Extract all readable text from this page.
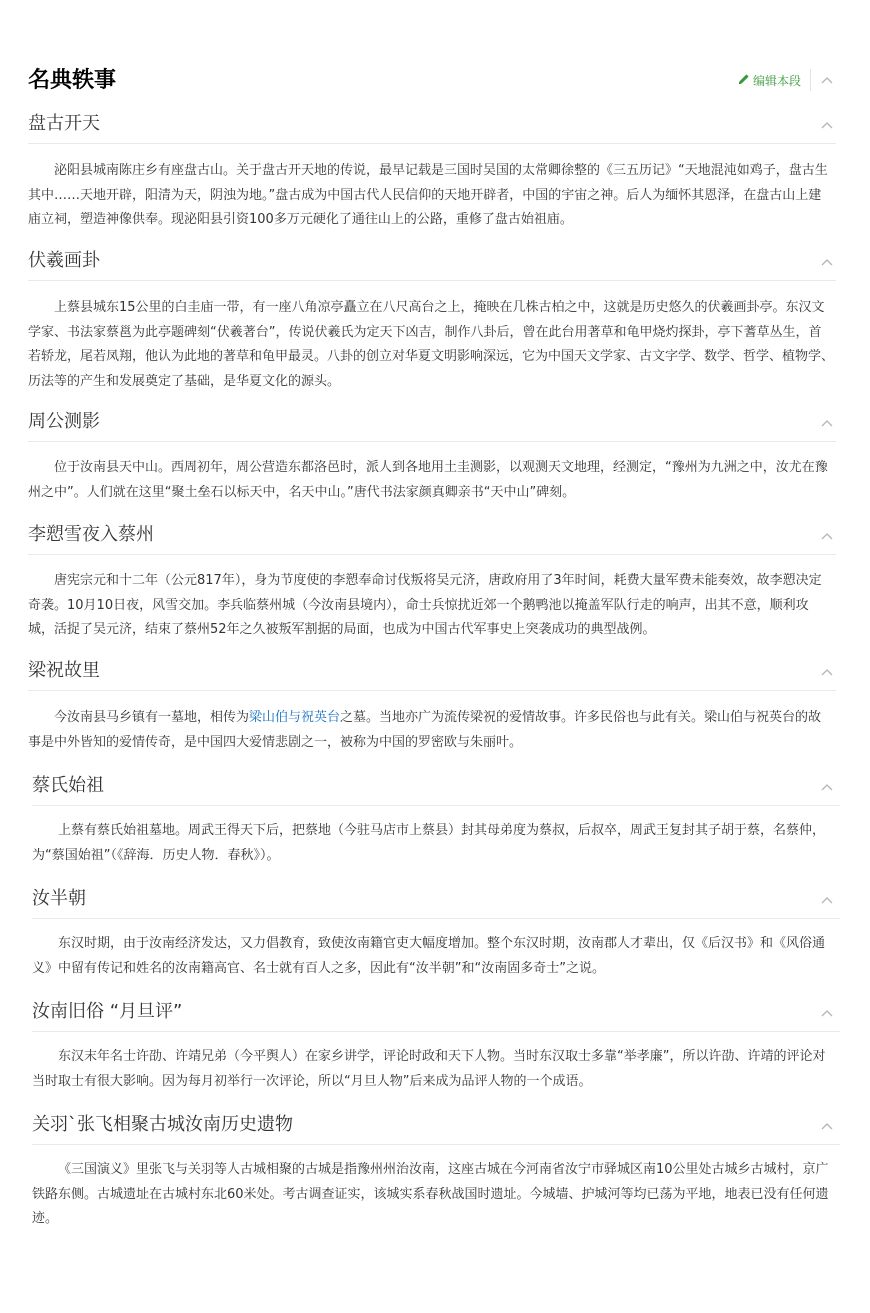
名典轶事	编辑本段
盘古开天

泌阳县城南陈庄乡有座盘古山。关于盘古开天地的传说，最早记载是三国时吴国的太常卿徐整的《三五历记》“天地混沌如鸡子，盘古生其中……天地开辟，阳清为天，阴浊为地。”盘古成为中国古代人民信仰的天地开辟者，中国的宇宙之神。后人为缅怀其恩泽，在盘古山上建庙立祠，塑造神像供奉。现泌阳县引资100多万元硬化了通往山上的公路，重修了盘古始祖庙。

伏羲画卦

上蔡县城东15公里的白圭庙一带，有一座八角凉亭矗立在八尺高台之上，掩映在几株古柏之中，这就是历史悠久的伏羲画卦亭。东汉文学家、书法家蔡邕为此亭题碑刻“伏羲著台”，传说伏羲氏为定天下凶吉，制作八卦后，曾在此台用著草和龟甲烧灼探卦，亭下蓍草丛生，首若轿龙，尾若凤翔，他认为此地的著草和龟甲最灵。八卦的创立对华夏文明影响深远，它为中国天文学家、古文字学、数学、哲学、植物学、历法等的产生和发展奠定了基础，是华夏文化的源头。

周公测影

位于汝南县天中山。西周初年，周公营造东都洛邑时，派人到各地用土圭测影，以观测天文地理，经测定，“豫州为九洲之中，汝尤在豫州之中”。人们就在这里“聚土垒石以标天中，名天中山。”唐代书法家颜真卿亲书“天中山”碑刻。

李愬雪夜入蔡州

唐宪宗元和十二年（公元817年），身为节度使的李愬奉命讨伐叛将吴元济，唐政府用了3年时间，耗费大量军费未能奏效，故李愬决定奇袭。10月10日夜，风雪交加。李兵临蔡州城（今汝南县境内），命士兵惊扰近郊一个鹅鸭池以掩盖军队行走的响声，出其不意，顺利攻城，活捉了吴元济，结束了蔡州52年之久被叛军割据的局面，也成为中国古代军事史上突袭成功的典型战例。

梁祝故里

今汝南县马乡镇有一墓地，相传为梁山伯与祝英台之墓。当地亦广为流传梁祝的爱情故事。许多民俗也与此有关。梁山伯与祝英台的故事是中外皆知的爱情传奇，是中国四大爱情悲剧之一，被称为中国的罗密欧与朱丽叶。

蔡氏始祖

上蔡有蔡氏始祖墓地。周武王得天下后，把蔡地（今驻马店市上蔡县）封其母弟度为蔡叔，后叔卒，周武王复封其子胡于蔡，名蔡仲，为“蔡国始祖”（《辞海．历史人物．春秋》）。

汝半朝

东汉时期，由于汝南经济发达，又力倡教育，致使汝南籍官吏大幅度增加。整个东汉时期，汝南郡人才辈出，仅《后汉书》和《风俗通义》中留有传记和姓名的汝南籍高官、名士就有百人之多，因此有“汝半朝”和“汝南固多奇士”之说。

汝南旧俗 “月旦评”

东汉末年名士许劭、许靖兄弟（今平舆人）在家乡讲学，评论时政和天下人物。当时东汉取士多靠“举孝廉”，所以许劭、许靖的评论对当时取士有很大影响。因为每月初举行一次评论，所以“月旦人物”后来成为品评人物的一个成语。

关羽`张飞相聚古城汝南历史遗物

《三国演义》里张飞与关羽等人古城相聚的古城是指豫州州治汝南，这座古城在今河南省汝宁市驿城区南10公里处古城乡古城村，京广铁路东侧。古城遗址在古城村东北60米处。考古调查证实，该城实系春秋战国时遗址。今城墙、护城河等均已荡为平地，地表已没有任何遗迹。
